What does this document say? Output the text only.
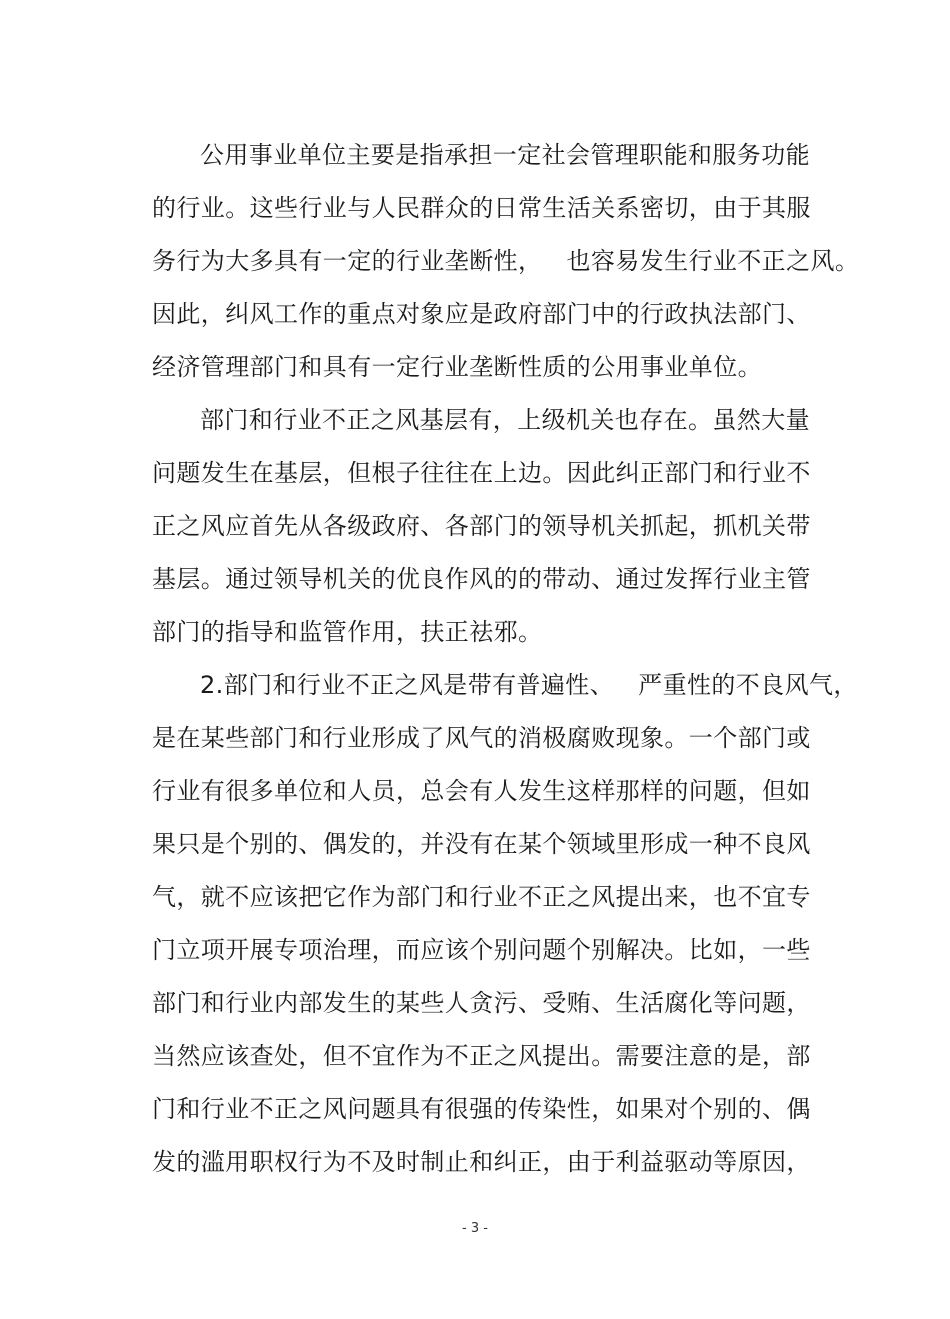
公用事业单位主要是指承担一定社会管理职能和服务功能
的行业。这些行业与人民群众的日常生活关系密切，由于其服
务行为大多具有一定的行业垄断性，   也容易发生行业不正之风。
因此，纠风工作的重点对象应是政府部门中的行政执法部门、
经济管理部门和具有一定行业垄断性质的公用事业单位。
部门和行业不正之风基层有，上级机关也存在。虽然大量
问题发生在基层，但根子往往在上边。因此纠正部门和行业不
正之风应首先从各级政府、各部门的领导机关抓起，抓机关带
基层。通过领导机关的优良作风的的带动、通过发挥行业主管
部门的指导和监管作用，扶正祛邪。
2.部门和行业不正之风是带有普遍性、   严重性的不良风气，
是在某些部门和行业形成了风气的消极腐败现象。一个部门或
行业有很多单位和人员，总会有人发生这样那样的问题，但如
果只是个别的、偶发的，并没有在某个领域里形成一种不良风
气，就不应该把它作为部门和行业不正之风提出来，也不宜专
门立项开展专项治理，而应该个别问题个别解决。比如，一些
部门和行业内部发生的某些人贪污、受贿、生活腐化等问题，
当然应该查处，但不宜作为不正之风提出。需要注意的是，部
门和行业不正之风问题具有很强的传染性，如果对个别的、偶
发的滥用职权行为不及时制止和纠正，由于利益驱动等原因，
- 3 -
